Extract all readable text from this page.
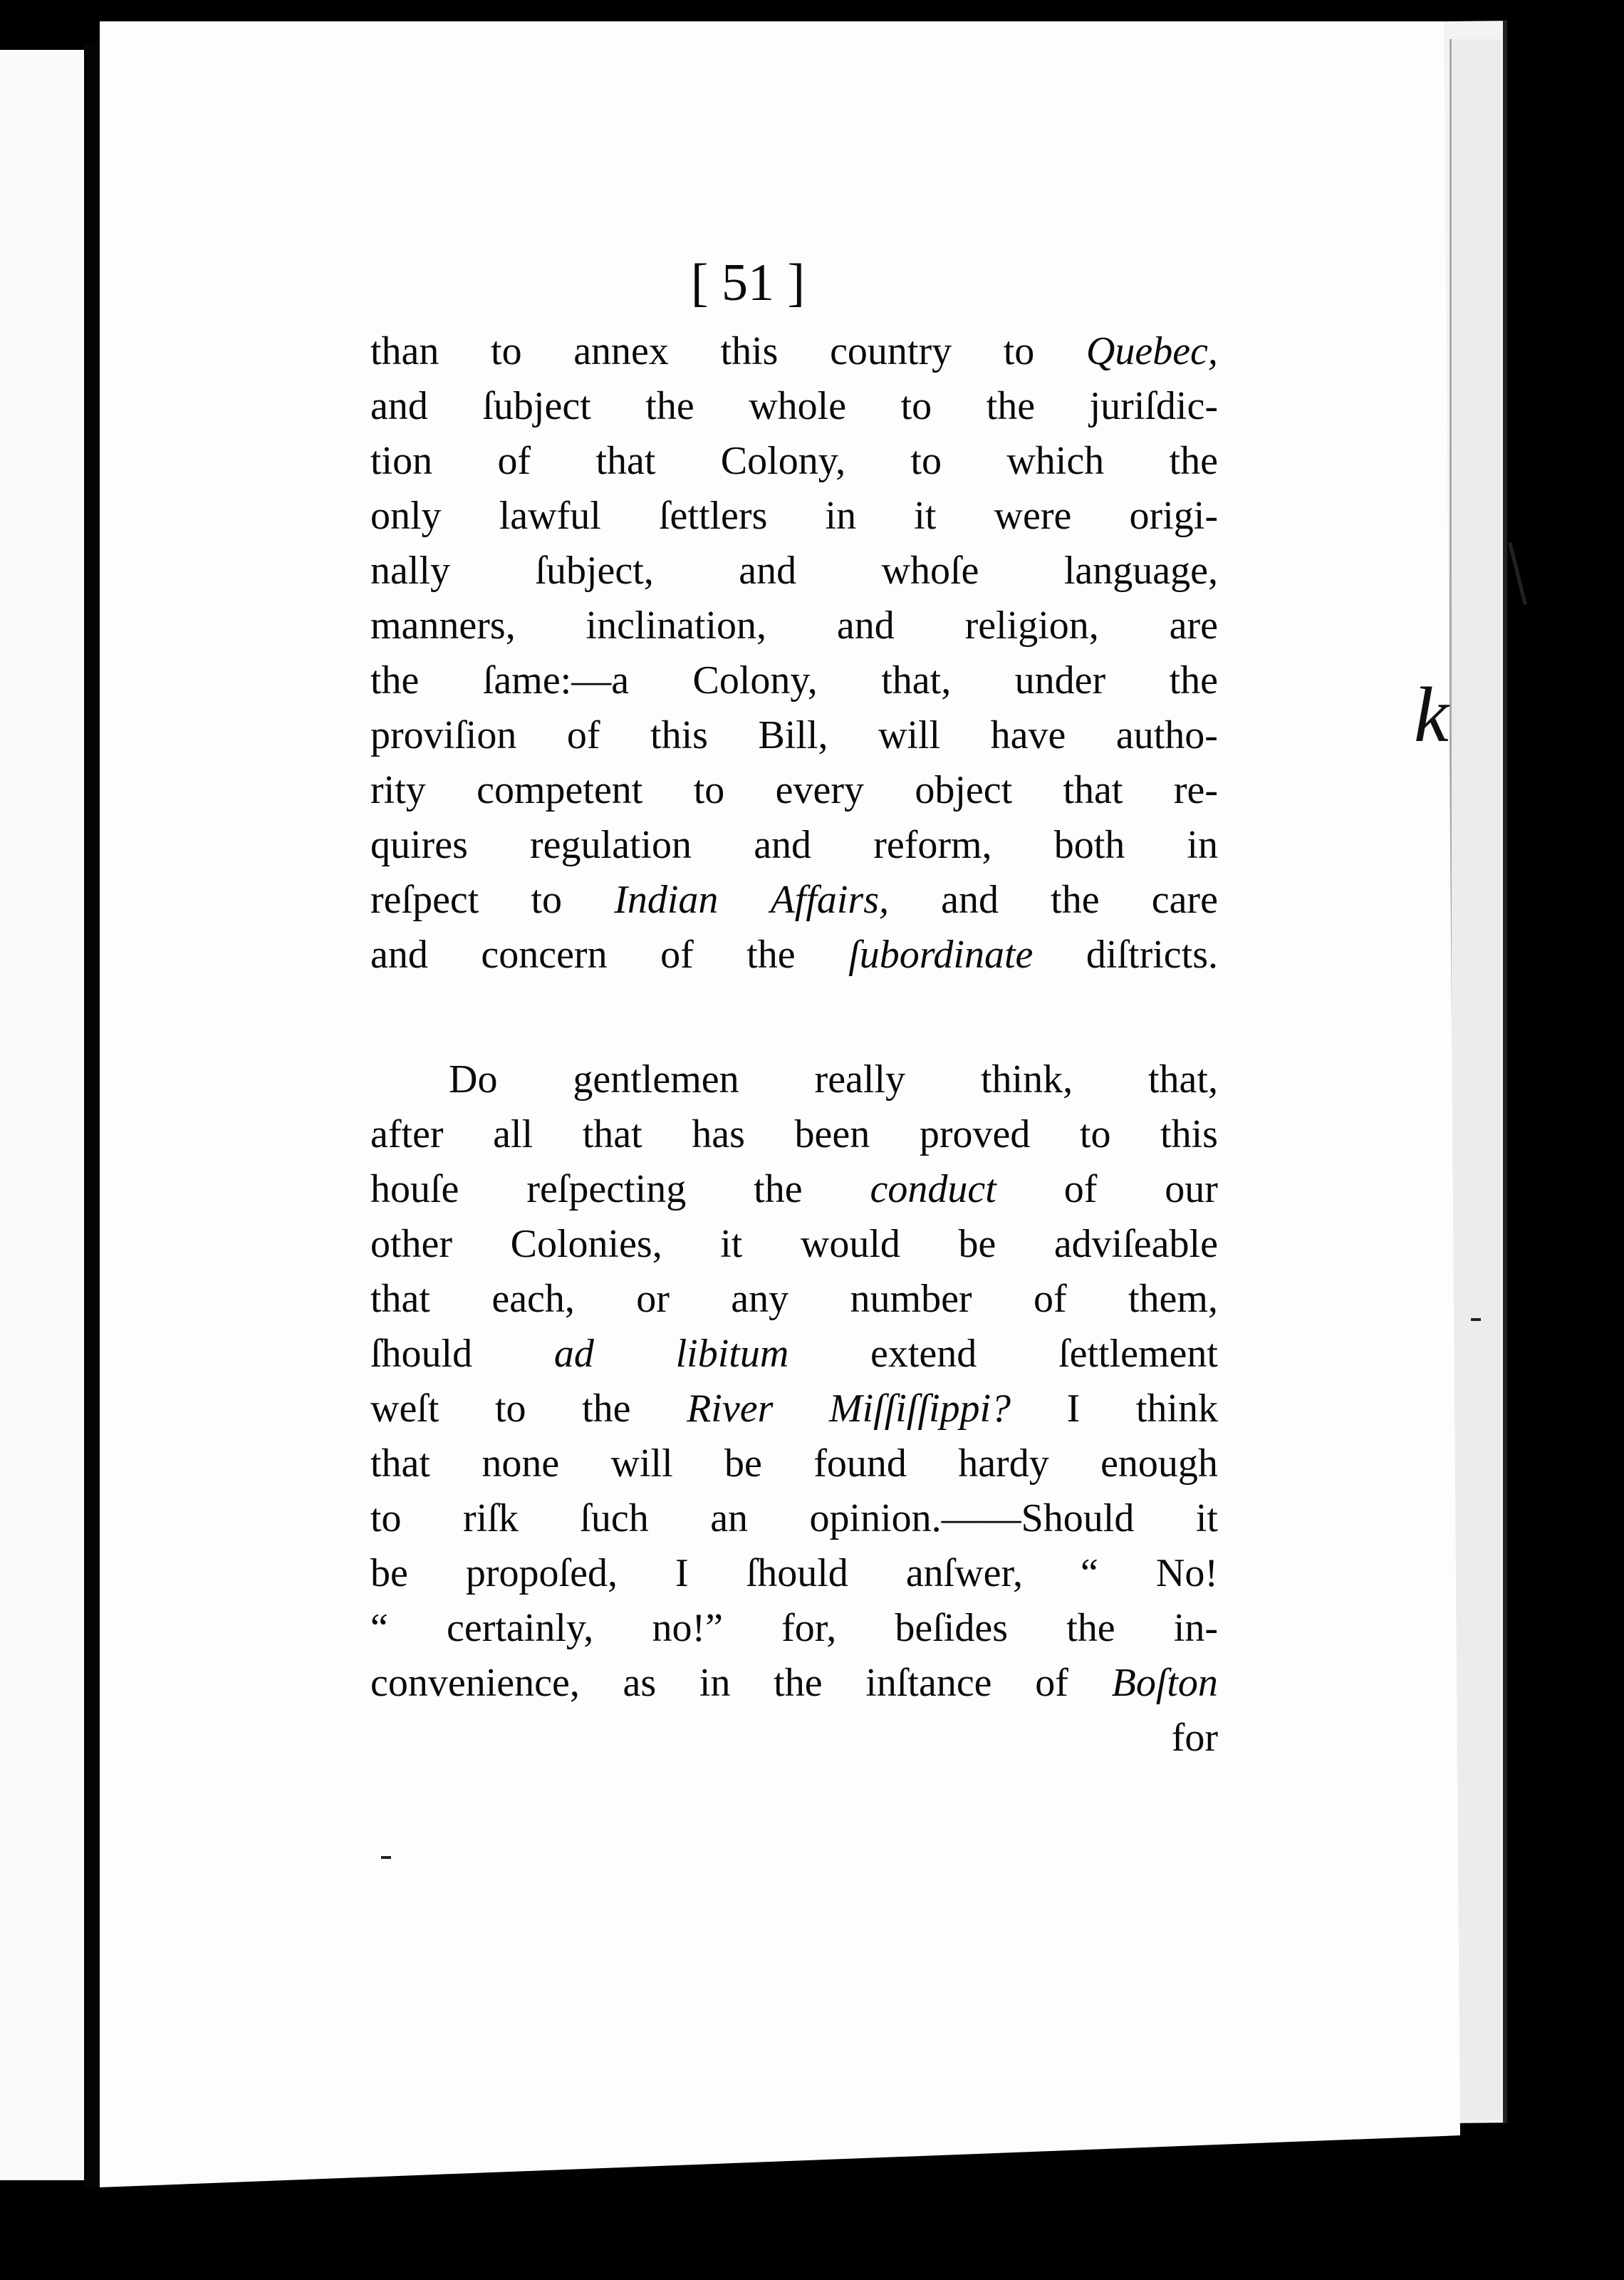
k
[ 51 ]
than to annex this country to Quebec,
and ſubject the whole to the juriſdic-
tion of that Colony, to which the
only lawful ſettlers in it were origi-
nally ſubject, and whoſe language,
manners, inclination, and religion, are
the ſame:—a Colony, that, under the
proviſion of this Bill, will have autho-
rity competent to every object that re-
quires regulation and reform, both in
reſpect to Indian Affairs, and the care
and concern of the ſubordinate diſtricts.
Do gentlemen really think, that,
after all that has been proved to this
houſe reſpecting the conduct of our
other Colonies, it would be adviſeable
that each, or any number of them,
ſhould ad libitum extend ſettlement
weſt to the River Miſſiſſippi? I think
that none will be found hardy enough
to riſk ſuch an opinion.——Should it
be propoſed, I ſhould anſwer, “ No!
“ certainly, no!” for, beſides the in-
convenience, as in the inſtance of Boſton
for
